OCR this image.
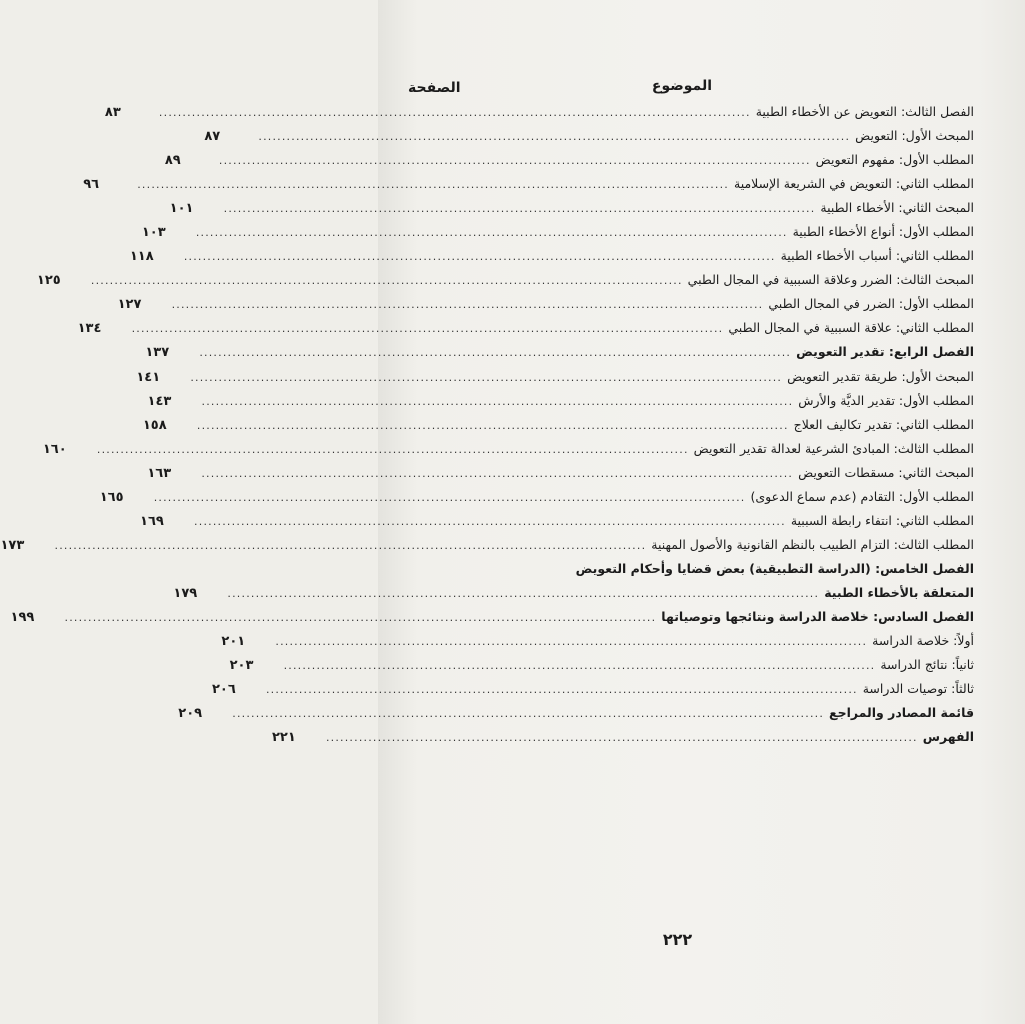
الموضوع
الصفحة
الفصل الثالث: التعويض عن الأخطاء الطبية
..............................................................................................................................
٨٣
المبحث الأول: التعويض
..............................................................................................................................
٨٧
المطلب الأول: مفهوم التعويض
..............................................................................................................................
٨٩
المطلب الثاني: التعويض في الشريعة الإسلامية
..............................................................................................................................
٩٦
المبحث الثاني: الأخطاء الطبية
..............................................................................................................................
١٠١
المطلب الأول: أنواع الأخطاء الطبية
..............................................................................................................................
١٠٣
المطلب الثاني: أسباب الأخطاء الطبية
..............................................................................................................................
١١٨
المبحث الثالث: الضرر وعلاقة السببية في المجال الطبي
..............................................................................................................................
١٢٥
المطلب الأول: الضرر في المجال الطبي
..............................................................................................................................
١٢٧
المطلب الثاني: علاقة السببية في المجال الطبي
..............................................................................................................................
١٣٤
الفصل الرابع: تقدير التعويض
..............................................................................................................................
١٣٧
المبحث الأول: طريقة تقدير التعويض
..............................................................................................................................
١٤١
المطلب الأول: تقدير الديَّة والأرش
..............................................................................................................................
١٤٣
المطلب الثاني: تقدير تكاليف العلاج
..............................................................................................................................
١٥٨
المطلب الثالث: المبادئ الشرعية لعدالة تقدير التعويض
..............................................................................................................................
١٦٠
المبحث الثاني: مسقطات التعويض
..............................................................................................................................
١٦٣
المطلب الأول: التقادم (عدم سماع الدعوى)
..............................................................................................................................
١٦٥
المطلب الثاني: انتفاء رابطة السببية
..............................................................................................................................
١٦٩
المطلب الثالث: التزام الطبيب بالنظم القانونية والأصول المهنية
..............................................................................................................................
١٧٣
الفصل الخامس: (الدراسة التطبيقية) بعض قضايا وأحكام التعويض
المتعلقة بالأخطاء الطبية
..............................................................................................................................
١٧٩
الفصل السادس: خلاصة الدراسة ونتائجها وتوصياتها
..............................................................................................................................
١٩٩
أولاً: خلاصة الدراسة
..............................................................................................................................
٢٠١
ثانياً: نتائج الدراسة
..............................................................................................................................
٢٠٣
ثالثاً: توصيات الدراسة
..............................................................................................................................
٢٠٦
قائمة المصادر والمراجع
..............................................................................................................................
٢٠٩
الفهرس
..............................................................................................................................
٢٢١
٢٢٢
